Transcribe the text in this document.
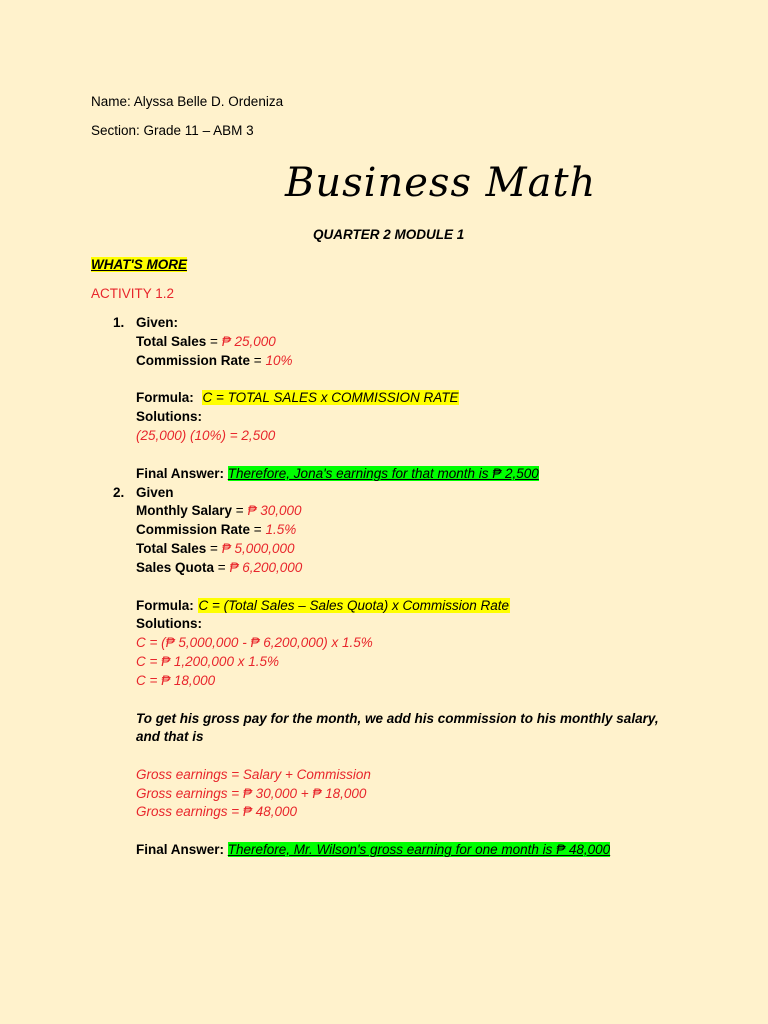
Name: Alyssa Belle D. Ordeniza
Section: Grade 11 – ABM 3
Business Math
QUARTER 2 MODULE 1
WHAT'S MORE
ACTIVITY 1.2
1. Given:
Total Sales = ₱ 25,000
Commission Rate = 10%
Formula: C = TOTAL SALES x COMMISSION RATE
Solutions:
(25,000) (10%) = 2,500
Final Answer: Therefore, Jona's earnings for that month is ₱ 2,500
2. Given
Monthly Salary = ₱ 30,000
Commission Rate = 1.5%
Total Sales = ₱ 5,000,000
Sales Quota = ₱ 6,200,000
Formula: C = (Total Sales – Sales Quota) x Commission Rate
Solutions:
C = (₱ 5,000,000 - ₱ 6,200,000) x 1.5%
C = ₱ 1,200,000 x 1.5%
C = ₱ 18,000
To get his gross pay for the month, we add his commission to his monthly salary,
and that is
Gross earnings = Salary + Commission
Gross earnings = ₱ 30,000 + ₱ 18,000
Gross earnings = ₱ 48,000
Final Answer: Therefore, Mr. Wilson's gross earning for one month is ₱ 48,000
